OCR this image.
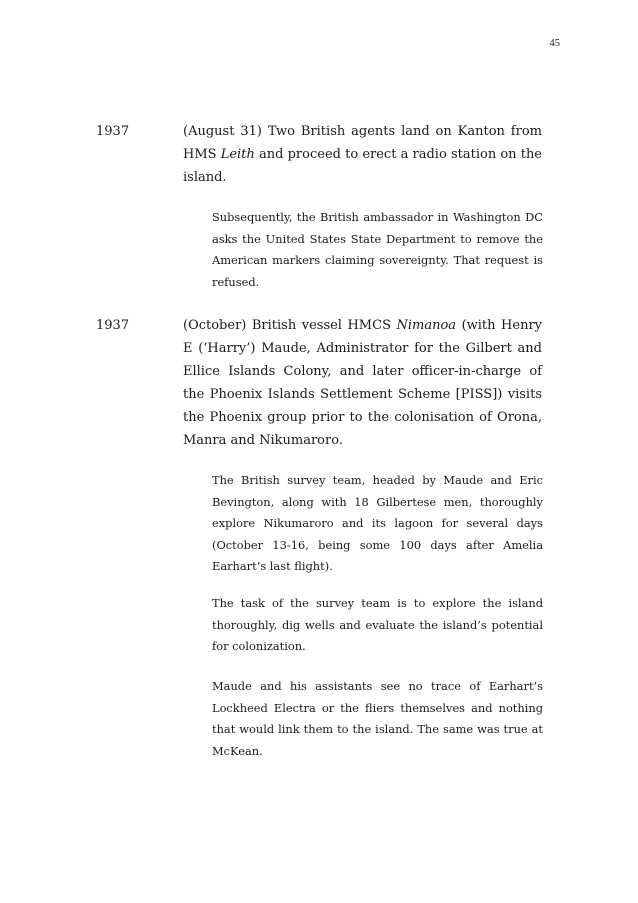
45
1937	(August 31) Two British agents land on Kanton from HMS Leith and proceed to erect a radio station on the island.

Subsequently, the British ambassador in Washington DC asks the United States State Department to remove the American markers claiming sovereignty. That request is refused.

1937	(October) British vessel HMCS Nimanoa (with Henry E (‘Harry’) Maude, Administrator for the Gilbert and Ellice Islands Colony, and later officer-in-charge of the Phoenix Islands Settlement Scheme [PISS]) visits the Phoenix group prior to the colonisation of Orona, Manra and Nikumaroro.

The British survey team, headed by Maude and Eric Bevington, along with 18 Gilbertese men, thoroughly explore Nikumaroro and its lagoon for several days (October 13-16, being some 100 days after Amelia Earhart’s last flight).

The task of the survey team is to explore the island thoroughly, dig wells and evaluate the island’s potential for colonization.

Maude and his assistants see no trace of Earhart’s Lockheed Electra or the fliers themselves and nothing that would link them to the island. The same was true at McKean.
